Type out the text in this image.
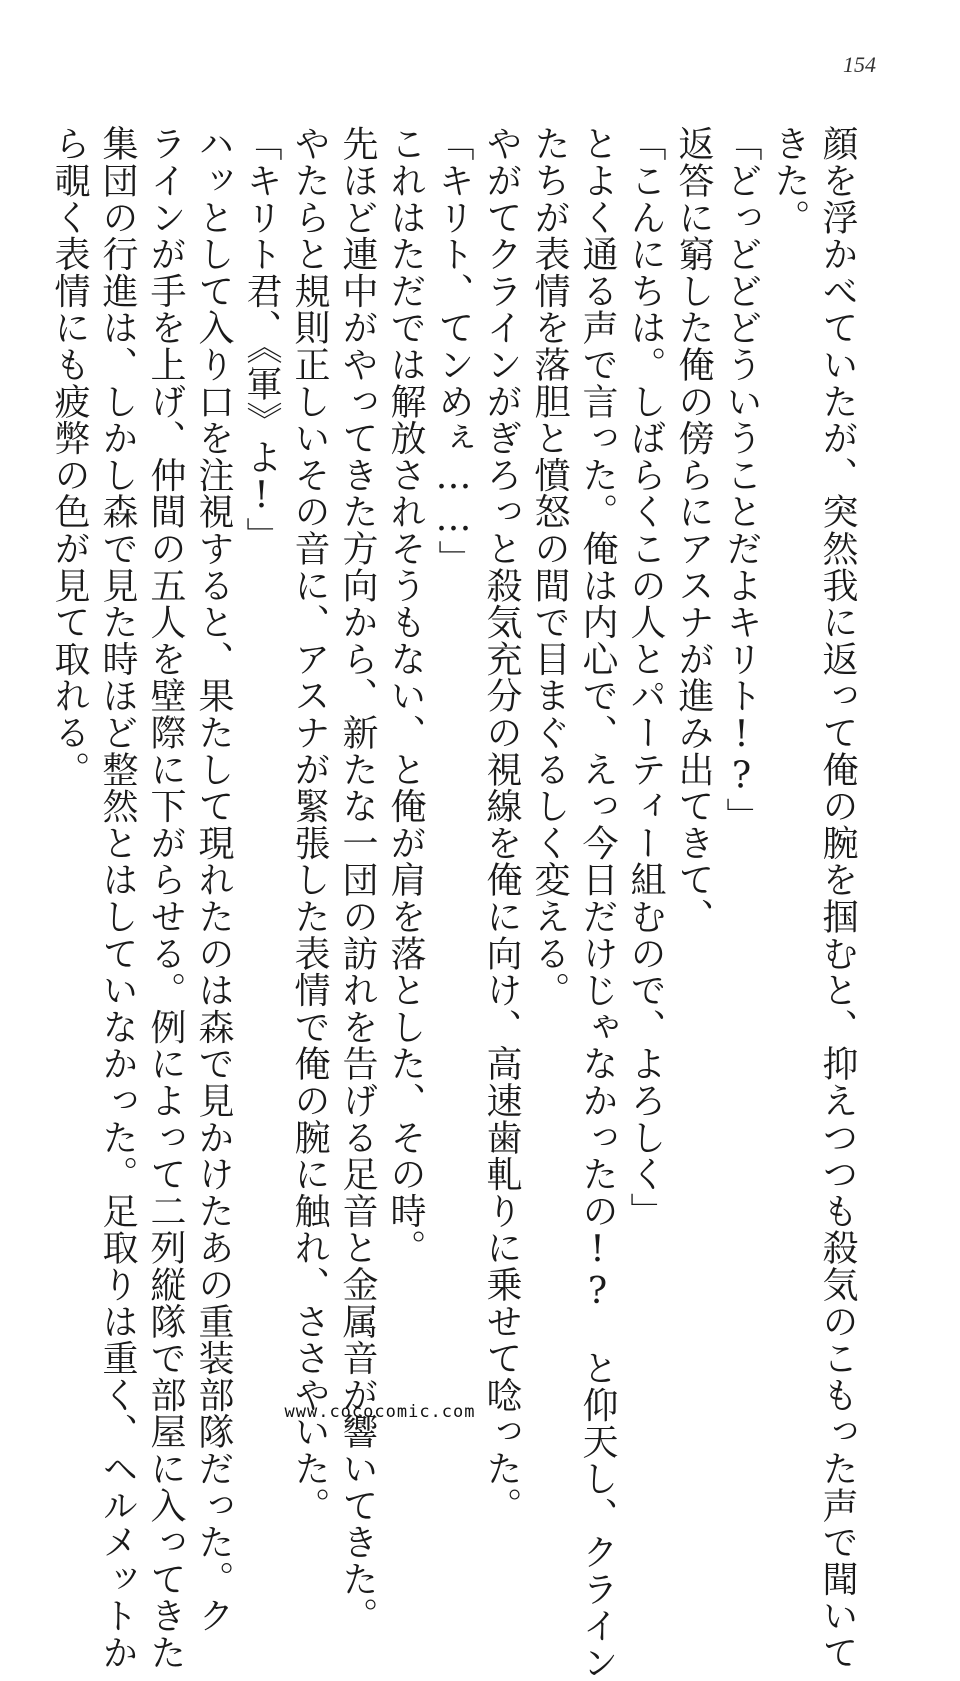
154
顔を浮かべていたが、突然我に返って俺の腕を掴むと、抑えつつも殺気のこもった声で聞いて
きた。
「どっどどどういうことだよキリト!?」
返答に窮した俺の傍らにアスナが進み出てきて、
「こんにちは。しばらくこの人とパーティー組むので、よろしく」
とよく通る声で言った。俺は内心で、えっ今日だけじゃなかったの!?　と仰天し、クライン
たちが表情を落胆と憤怒の間で目まぐるしく変える。
やがてクラインがぎろっと殺気充分の視線を俺に向け、高速歯軋りに乗せて唸った。
「キリト、てンめぇ……」
これはただでは解放されそうもない、と俺が肩を落とした、その時。
先ほど連中がやってきた方向から、新たな一団の訪れを告げる足音と金属音が響いてきた。
やたらと規則正しいその音に、アスナが緊張した表情で俺の腕に触れ、ささやいた。
「キリト君、《軍》よ!」
ハッとして入り口を注視すると、果たして現れたのは森で見かけたあの重装部隊だった。ク
ラインが手を上げ、仲間の五人を壁際に下がらせる。例によって二列縦隊で部屋に入ってきた
集団の行進は、しかし森で見た時ほど整然とはしていなかった。足取りは重く、ヘルメットか
ら覗く表情にも疲弊の色が見て取れる。
www.cococomic.com
